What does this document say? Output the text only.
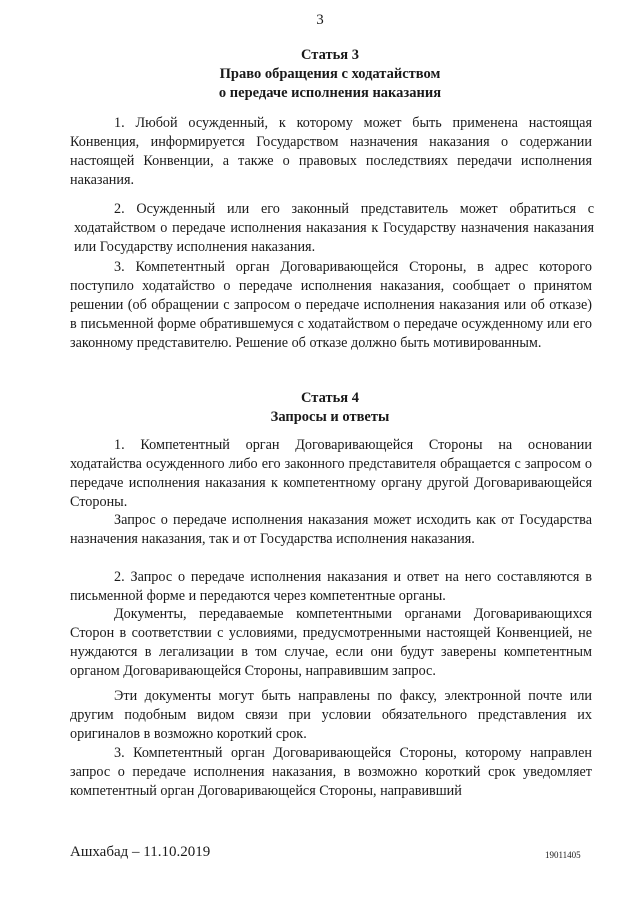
3
Статья 3
Право обращения с ходатайством
о передаче исполнения наказания

1. Любой осужденный, к которому может быть применена настоящая Конвенция, информируется Государством назначения наказания о содержании настоящей Конвенции, а также о правовых последствиях передачи исполнения наказания.

2. Осужденный или его законный представитель может обратиться с ходатайством о передаче исполнения наказания к Государству назначения наказания или Государству исполнения наказания.

3. Компетентный орган Договаривающейся Стороны, в адрес которого поступило ходатайство о передаче исполнения наказания, сообщает о принятом решении (об обращении с запросом о передаче исполнения наказания или об отказе) в письменной форме обратившемуся с ходатайством о передаче осужденному или его законному представителю. Решение об отказе должно быть мотивированным.

Статья 4
Запросы и ответы

1. Компетентный орган Договаривающейся Стороны на основании ходатайства осужденного либо его законного представителя обращается с запросом о передаче исполнения наказания к компетентному органу другой Договаривающейся Стороны.

Запрос о передаче исполнения наказания может исходить как от Государства назначения наказания, так и от Государства исполнения наказания.

2. Запрос о передаче исполнения наказания и ответ на него составляются в письменной форме и передаются через компетентные органы.

Документы, передаваемые компетентными органами Договаривающихся Сторон в соответствии с условиями, предусмотренными настоящей Конвенцией, не нуждаются в легализации в том случае, если они будут заверены компетентным органом Договаривающейся Стороны, направившим запрос.

Эти документы могут быть направлены по факсу, электронной почте или другим подобным видом связи при условии обязательного представления их оригиналов в возможно короткий срок.

3. Компетентный орган Договаривающейся Стороны, которому направлен запрос о передаче исполнения наказания, в возможно короткий срок уведомляет компетентный орган Договаривающейся Стороны, направивший

Ашхабад – 11.10.2019	19011405
